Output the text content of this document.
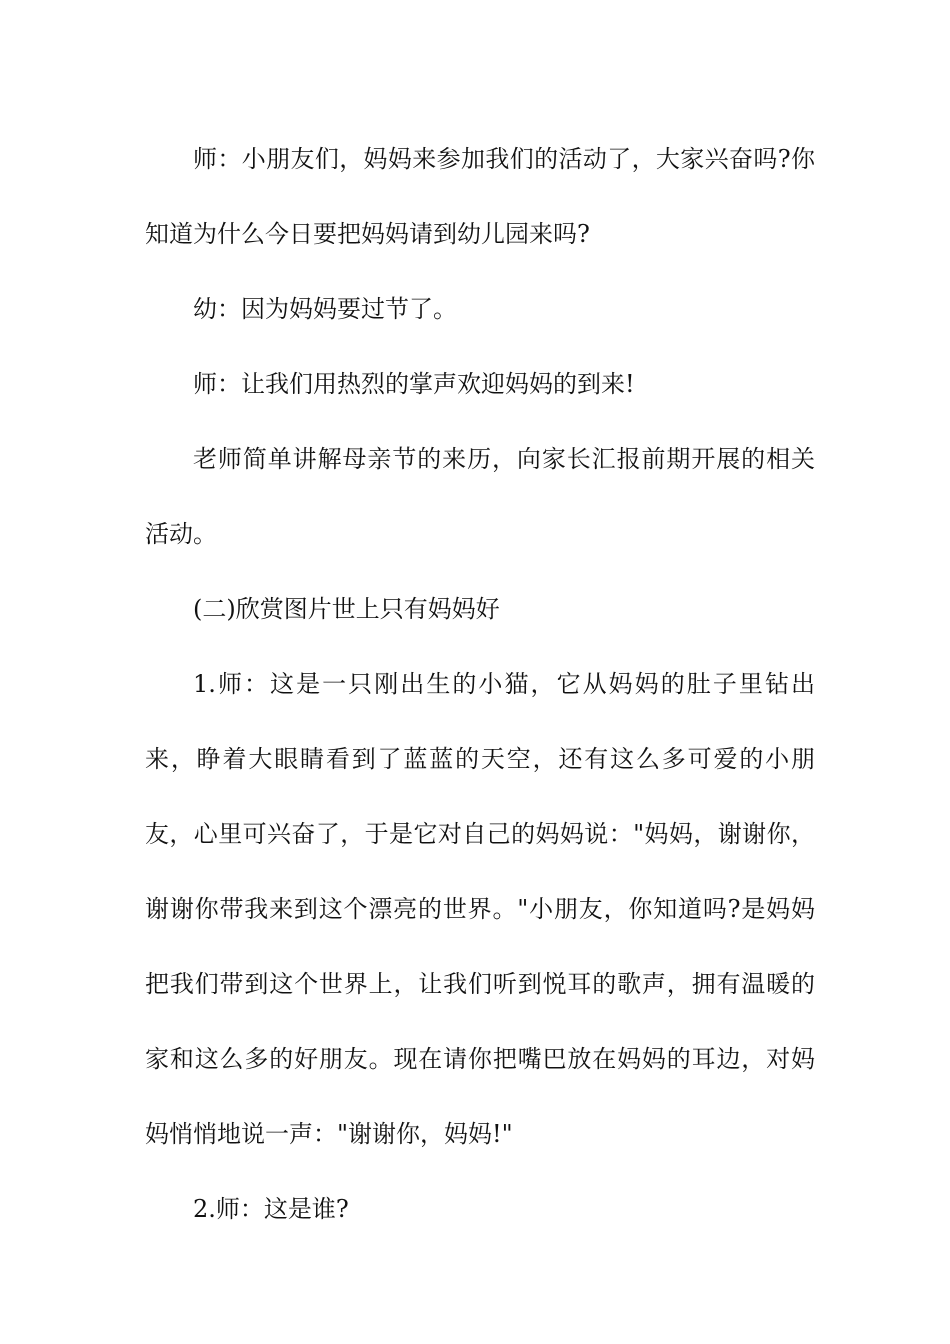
师：小朋友们，妈妈来参加我们的活动了，大家兴奋吗?你知道为什么今日要把妈妈请到幼儿园来吗?

幼：因为妈妈要过节了。

师：让我们用热烈的掌声欢迎妈妈的到来!

老师简单讲解母亲节的来历，向家长汇报前期开展的相关活动。

(二)欣赏图片世上只有妈妈好

1.师：这是一只刚出生的小猫，它从妈妈的肚子里钻出来，睁着大眼睛看到了蓝蓝的天空，还有这么多可爱的小朋友，心里可兴奋了，于是它对自己的妈妈说："妈妈，谢谢你，谢谢你带我来到这个漂亮的世界。"小朋友，你知道吗?是妈妈把我们带到这个世界上，让我们听到悦耳的歌声，拥有温暖的家和这么多的好朋友。现在请你把嘴巴放在妈妈的耳边，对妈妈悄悄地说一声："谢谢你，妈妈!"

2.师：这是谁?
